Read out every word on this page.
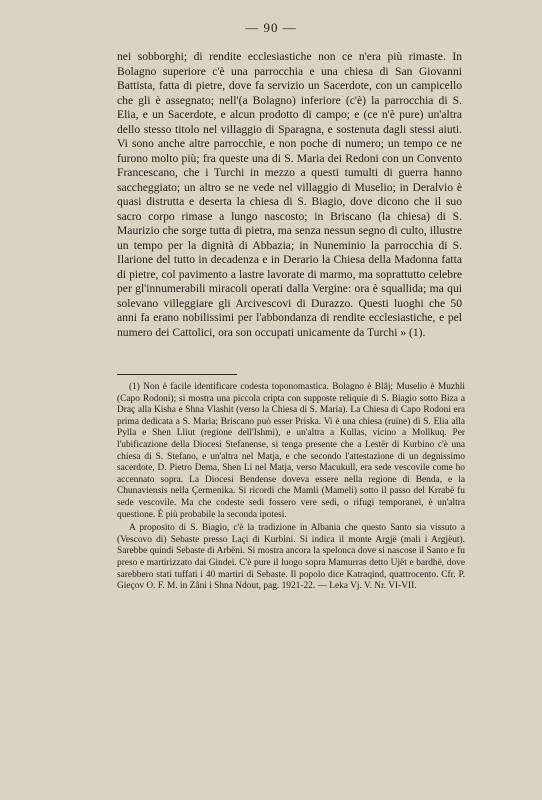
— 90 —

nei sobborghi; di rendite ecclesiastiche non ce n'era più rimaste. In Bolagno superiore c'è una parrocchia e una chiesa di San Giovanni Battista, fatta di pietre, dove fa servizio un Sacerdote, con un campicello che gli è assegnato; nell'(a Bolagno) inferiore (c'è) la parrocchia di S. Elia, e un Sacerdote, e alcun prodotto di campo; e (ce n'è pure) un'altra dello stesso titolo nel villaggio di Sparagna, e sostenuta dagli stessi aiuti. Vi sono anche altre parrocchie, e non poche di numero; un tempo ce ne furono molto più; fra queste una di S. Maria dei Redoni con un Convento Francescano, che i Turchi in mezzo a questi tumulti di guerra hanno saccheggiato; un altro se ne vede nel villaggio di Muselio; in Deralvio è quasi distrutta e deserta la chiesa di S. Biagio, dove dicono che il suo sacro corpo rimase a lungo nascosto; in Briscano (la chiesa) di S. Maurizio che sorge tutta di pietra, ma senza nessun segno di culto, illustre un tempo per la dignità di Abbazia; in Nuneminio la parrocchia di S. Ilarione del tutto in decadenza e in Derario la Chiesa della Madonna fatta di pietre, col pavimento a lastre lavorate di marmo, ma soprattutto celebre per gl'innumerabili miracoli operati dalla Vergine: ora è squallida; ma qui solevano villeggiare gli Arcivescovi di Durazzo. Questi luoghi che 50 anni fa erano nobilissimi per l'abbondanza di rendite ecclesiastiche, e pel numero dei Cattolici, ora son occupati unicamente da Turchi » (1).

(1) Non è facile identificare codesta toponomastica. Bolagno è Blâj; Muselio è Muzhli (Capo Rodoni); si mostra una piccola cripta con supposte reliquie di S. Biagio sotto Biza a Draç alla Kisha e Shna Vlashit (verso la Chiesa di S. Maria). La Chiesa di Capo Rodoni era prima dedicata a S. Maria; Briscano può esser Priska. Vi è una chiesa (ruine) di S. Elia alla Pylla e Shen Lliut (regione dell'Ishmi), e un'altra a Kullas, vicino a Mollkuq. Per l'ubificazione della Diocesi Stefanense, si tenga presente che a Lestër di Kurbino c'è una chiesa di S. Stefano, e un'altra nel Matja, e che secondo l'attestazione di un degnissimo sacerdote, D. Pietro Dema, Shen Li nel Matja, verso Macukull, era sede vescovile come ho accennato sopra. La Diocesi Bendense doveva essere nella regione di Benda, e la Chunaviensis nella Çermenika. Si ricordi che Mamli (Mameli) sotto il passo del Krrabë fu sede vescovile. Ma che codeste sedi fossero vere sedi, o rifugi temporanei, è un'altra questione. È più probabile la seconda ipotesi.

A proposito di S. Biagio, c'è la tradizione in Albania che questo Santo sia vissuto a (Vescovo di) Sebaste presso Laçi di Kurbini. Si indica il monte Argjë (mali i Argjëut). Sarebbe quindi Sebaste di Arbëni. Si mostra ancora la spelonca dove si nascose il Santo e fu preso e martirizzato dai Gindei. C'è pure il luogo sopra Mamurras detto Ujët e bardhë, dove sarebbero stati tuffati i 40 martiri di Sebaste. Il popolo dice Katraqind, quattrocento. Cfr. P. Gieçov O. F. M. in Zâni i Shna Ndout, pag. 1921-22. — Leka Vj. V. Nr. VI-VII.
